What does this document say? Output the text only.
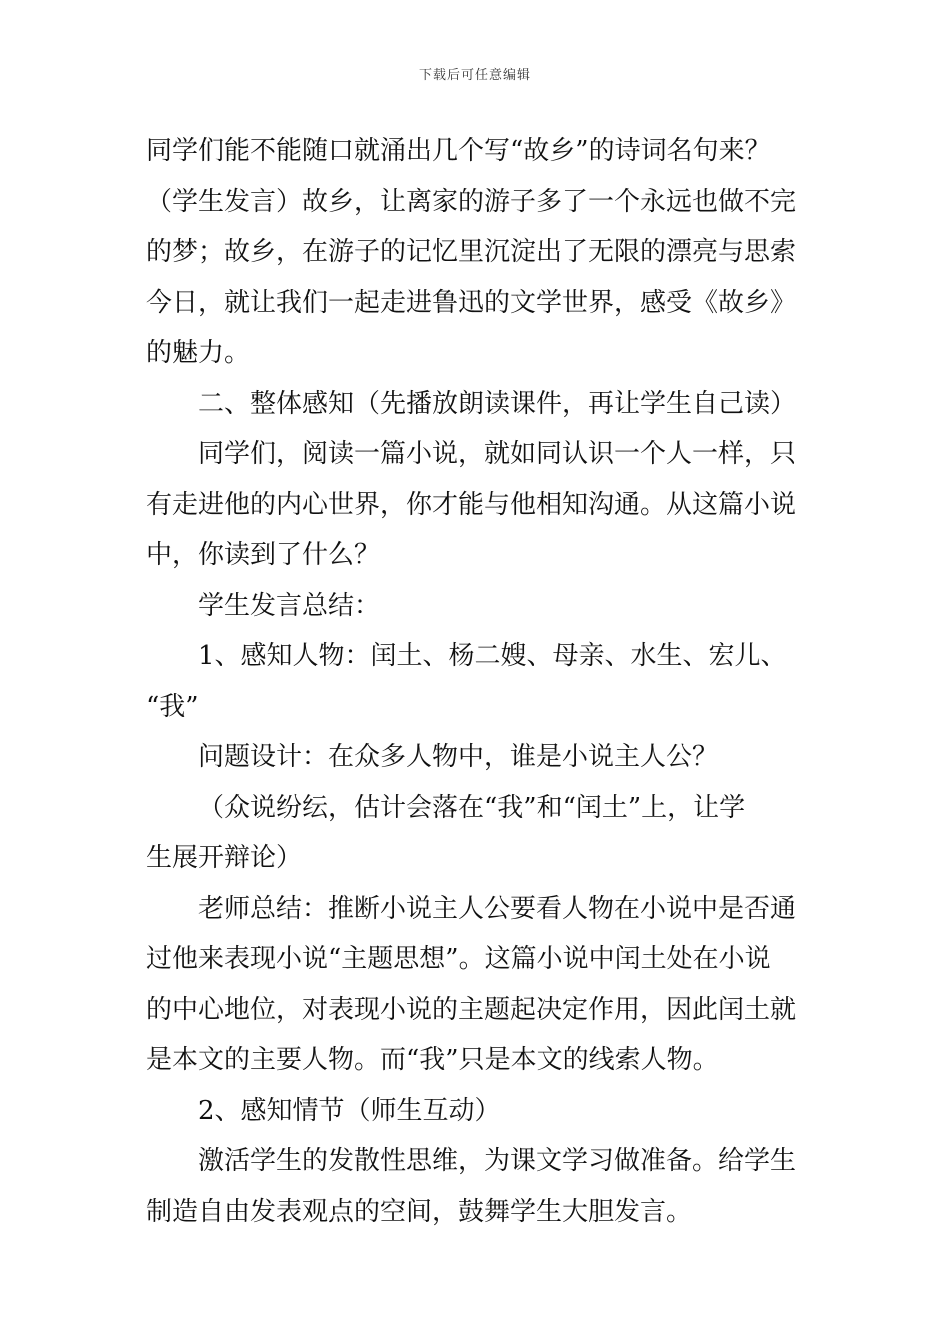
下载后可任意编辑
同学们能不能随口就涌出几个写“故乡”的诗词名句来？
（学生发言）故乡，让离家的游子多了一个永远也做不完
的梦；故乡，在游子的记忆里沉淀出了无限的漂亮与思索
今日，就让我们一起走进鲁迅的文学世界，感受《故乡》
的魅力。
二、整体感知（先播放朗读课件，再让学生自己读）
同学们，阅读一篇小说，就如同认识一个人一样，只
有走进他的内心世界，你才能与他相知沟通。从这篇小说
中，你读到了什么？
学生发言总结：
1、感知人物：闰土、杨二嫂、母亲、水生、宏儿、
“我”
问题设计：在众多人物中，谁是小说主人公？
（众说纷纭，估计会落在“我”和“闰土”上，让学
生展开辩论）
老师总结：推断小说主人公要看人物在小说中是否通
过他来表现小说“主题思想”。这篇小说中闰土处在小说
的中心地位，对表现小说的主题起决定作用，因此闰土就
是本文的主要人物。而“我”只是本文的线索人物。
2、感知情节（师生互动）
激活学生的发散性思维，为课文学习做准备。给学生
制造自由发表观点的空间，鼓舞学生大胆发言。
